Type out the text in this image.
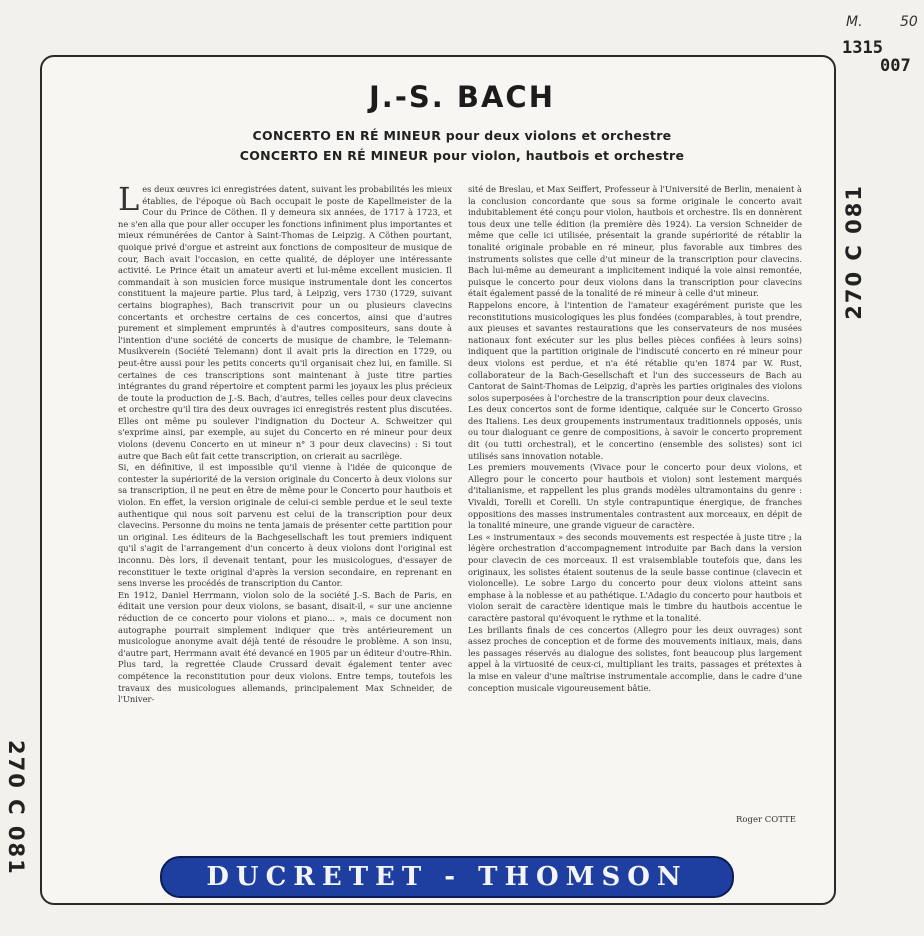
M.	50
1315
007
270 C 081
270 C 081
J.-S. BACH
CONCERTO EN RÉ MINEUR pour deux violons et orchestre
CONCERTO EN RÉ MINEUR pour violon, hautbois et orchestre

Les deux œuvres ici enregistrées datent, suivant les probabilités les mieux établies, de l'époque où Bach occupait le poste de Kapellmeister de la Cour du Prince de Cöthen. Il y demeura six années, de 1717 à 1723, et ne s'en alla que pour aller occuper les fonctions infiniment plus importantes et mieux rémunérées de Cantor à Saint-Thomas de Leipzig. A Cöthen pourtant, quoique privé d'orgue et astreint aux fonctions de compositeur de musique de cour, Bach avait l'occasion, en cette qualité, de déployer une intéressante activité. Le Prince était un amateur averti et lui-même excellent musicien. Il commandait à son musicien force musique instrumentale dont les concertos constituent la majeure partie. Plus tard, à Leipzig, vers 1730 (1729, suivant certains biographes), Bach transcrivit pour un ou plusieurs clavecins concertants et orchestre certains de ces concertos, ainsi que d'autres purement et simplement empruntés à d'autres compositeurs, sans doute à l'intention d'une société de concerts de musique de chambre, le Telemann-Musikverein (Société Telemann) dont il avait pris la direction en 1729, ou peut-être aussi pour les petits concerts qu'il organisait chez lui, en famille. Si certaines de ces transcriptions sont maintenant à juste titre parties intégrantes du grand répertoire et comptent parmi les joyaux les plus précieux de toute la production de J.-S. Bach, d'autres, telles celles pour deux clavecins et orchestre qu'il tira des deux ouvrages ici enregistrés restent plus discutées. Elles ont même pu soulever l'indignation du Docteur A. Schweitzer qui s'exprime ainsi, par exemple, au sujet du Concerto en ré mineur pour deux violons (devenu Concerto en ut mineur n° 3 pour deux clavecins) : Si tout autre que Bach eût fait cette transcription, on crierait au sacrilège.

Si, en définitive, il est impossible qu'il vienne à l'idée de quiconque de contester la supériorité de la version originale du Concerto à deux violons sur sa transcription, il ne peut en être de même pour le Concerto pour hautbois et violon. En effet, la version originale de celui-ci semble perdue et le seul texte authentique qui nous soit parvenu est celui de la transcription pour deux clavecins. Personne du moins ne tenta jamais de présenter cette partition pour un original. Les éditeurs de la Bachgesellschaft les tout premiers indiquent qu'il s'agit de l'arrangement d'un concerto à deux violons dont l'original est inconnu. Dès lors, il devenait tentant, pour les musicologues, d'essayer de reconstituer le texte original d'après la version secondaire, en reprenant en sens inverse les procédés de transcription du Cantor.

En 1912, Daniel Herrmann, violon solo de la société J.-S. Bach de Paris, en éditait une version pour deux violons, se basant, disait-il, « sur une ancienne réduction de ce concerto pour violons et piano... », mais ce document non autographe pourrait simplement indiquer que très antérieurement un musicologue anonyme avait déjà tenté de résoudre le problème. A son insu, d'autre part, Herrmann avait été devancé en 1905 par un éditeur d'outre-Rhin. Plus tard, la regrettée Claude Crussard devait également tenter avec compétence la reconstitution pour deux violons. Entre temps, toutefois les travaux des musicologues allemands, principalement Max Schneider, de l'Univer-

sité de Breslau, et Max Seiffert, Professeur à l'Université de Berlin, menaient à la conclusion concordante que sous sa forme originale le concerto avait indubitablement été conçu pour violon, hautbois et orchestre. Ils en donnèrent tous deux une telle édition (la première dès 1924). La version Schneider de même que celle ici utilisée, présentait la grande supériorité de rétablir la tonalité originale probable en ré mineur, plus favorable aux timbres des instruments solistes que celle d'ut mineur de la transcription pour clavecins. Bach lui-même au demeurant a implicitement indiqué la voie ainsi remontée, puisque le concerto pour deux violons dans la transcription pour clavecins était également passé de la tonalité de ré mineur à celle d'ut mineur.

Rappelons encore, à l'intention de l'amateur exagérément puriste que les reconstitutions musicologiques les plus fondées (comparables, à tout prendre, aux pieuses et savantes restaurations que les conservateurs de nos musées nationaux font exécuter sur les plus belles pièces confiées à leurs soins) indiquent que la partition originale de l'indiscuté concerto en ré mineur pour deux violons est perdue, et n'a été rétablie qu'en 1874 par W. Rust, collaborateur de la Bach-Gesellschaft et l'un des successeurs de Bach au Cantorat de Saint-Thomas de Leipzig, d'après les parties originales des violons solos superposées à l'orchestre de la transcription pour deux clavecins.

Les deux concertos sont de forme identique, calquée sur le Concerto Grosso des Italiens. Les deux groupements instrumentaux traditionnels opposés, unis ou tour dialoguant ce genre de compositions, à savoir le concerto proprement dit (ou tutti orchestral), et le concertino (ensemble des solistes) sont ici utilisés sans innovation notable.

Les premiers mouvements (Vivace pour le concerto pour deux violons, et Allegro pour le concerto pour hautbois et violon) sont lestement marqués d'italianisme, et rappellent les plus grands modèles ultramontains du genre : Vivaldi, Torelli et Corelli. Un style contrapuntique énergique, de franches oppositions des masses instrumentales contrastent aux morceaux, en dépit de la tonalité mineure, une grande vigueur de caractère.

Les « instrumentaux » des seconds mouvements est respectée à juste titre ; la légère orchestration d'accompagnement introduite par Bach dans la version pour clavecin de ces morceaux. Il est vraisemblable toutefois que, dans les originaux, les solistes étaient soutenus de la seule basse continue (clavecin et violoncelle). Le sobre Largo du concerto pour deux violons atteint sans emphase à la noblesse et au pathétique. L'Adagio du concerto pour hautbois et violon serait de caractère identique mais le timbre du hautbois accentue le caractère pastoral qu'évoquent le rythme et la tonalité.

Les brillants finals de ces concertos (Allegro pour les deux ouvrages) sont assez proches de conception et de forme des mouvements initiaux, mais, dans les passages réservés au dialogue des solistes, font beaucoup plus largement appel à la virtuosité de ceux-ci, multipliant les traits, passages et prétextes à la mise en valeur d'une maîtrise instrumentale accomplie, dans le cadre d'une conception musicale vigoureusement bâtie.

Roger COTTE
DUCRETET - THOMSON
